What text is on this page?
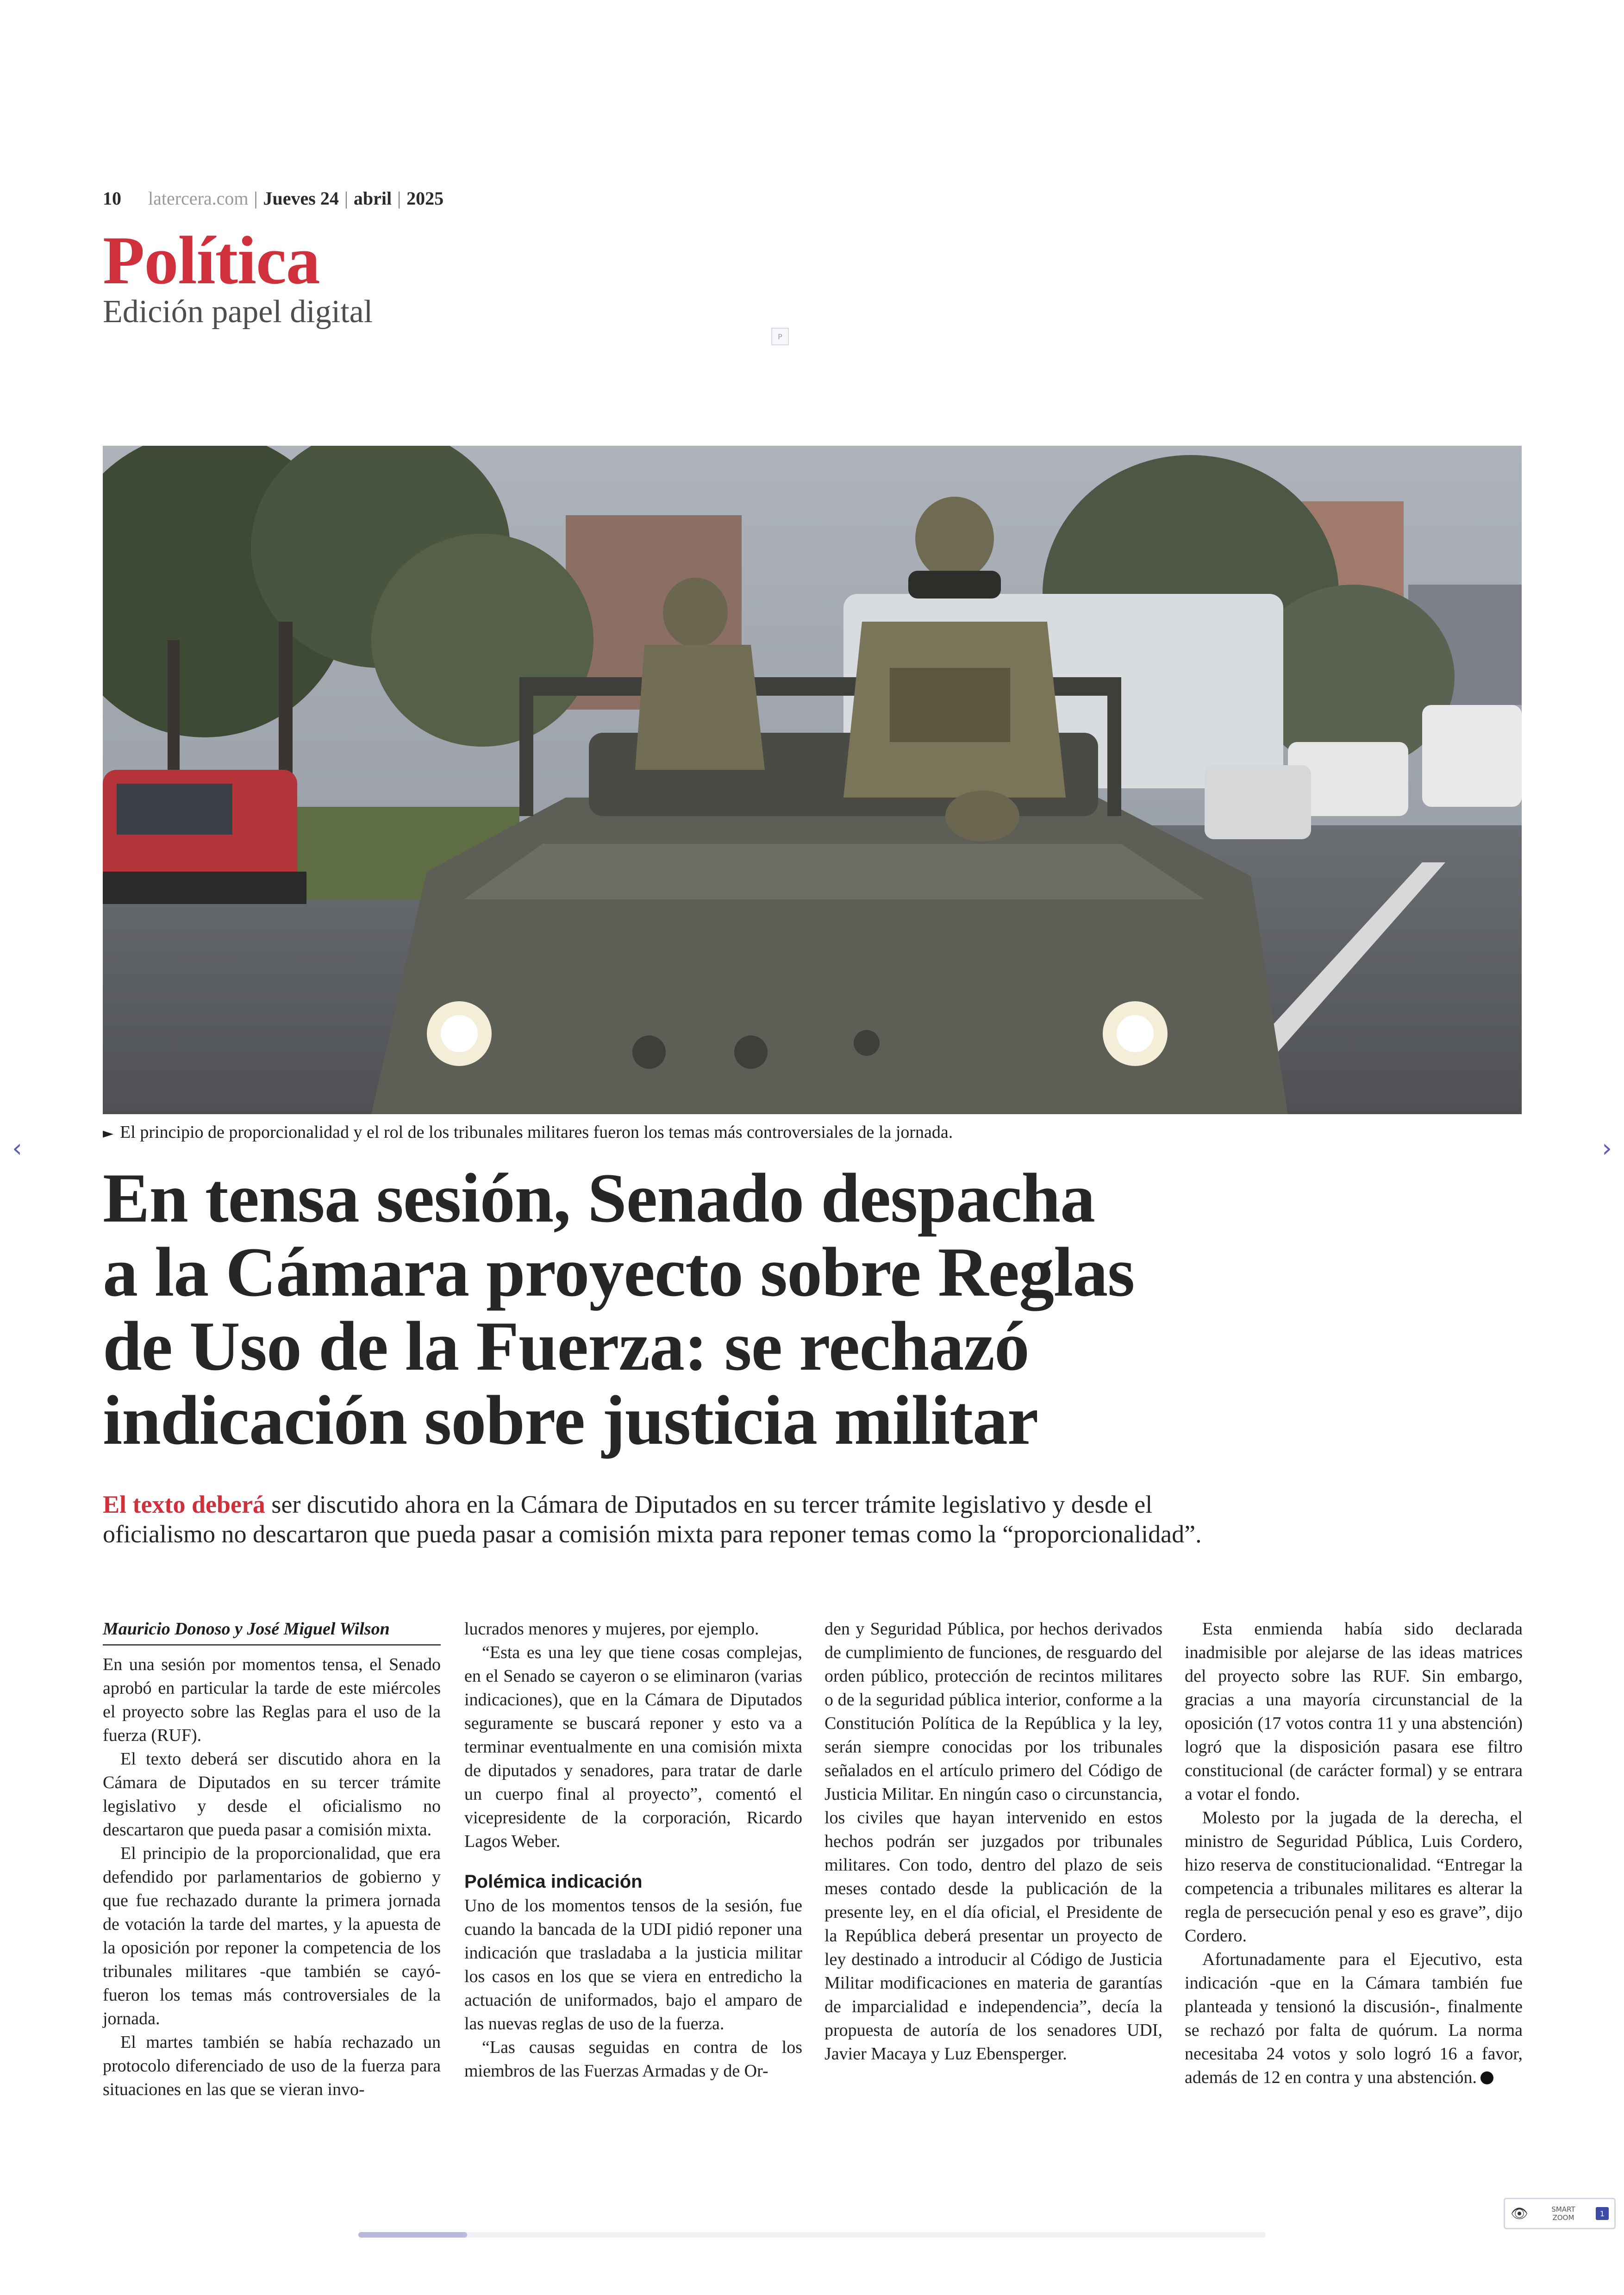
10 latercera.com | Jueves 24 | abril | 2025
Política
Edición papel digital
P
► El principio de proporcionalidad y el rol de los tribunales militares fueron los temas más controversiales de la jornada.
‹	›
En tensa sesión, Senado despacha
a la Cámara proyecto sobre Reglas
de Uso de la Fuerza: se rechazó
indicación sobre justicia militar
El texto deberá ser discutido ahora en la Cámara de Diputados en su tercer trámite legislativo y desde el
oficialismo no descartaron que pueda pasar a comisión mixta para reponer temas como la “proporcionalidad”.
Mauricio Donoso y José Miguel Wilson

En una sesión por momentos tensa, el Senado aprobó en particular la tarde de este miércoles el proyecto sobre las Reglas para el uso de la fuerza (RUF).

El texto deberá ser discutido ahora en la Cámara de Diputados en su tercer trámite legislativo y desde el oficialismo no descartaron que pueda pasar a comisión mixta.

El principio de la proporcionalidad, que era defendido por parlamentarios de gobierno y que fue rechazado durante la primera jornada de votación la tarde del martes, y la apuesta de la oposición por reponer la competencia de los tribunales militares -que también se cayó- fueron los temas más controversiales de la jornada.

El martes también se había rechazado un protocolo diferenciado de uso de la fuerza para situaciones en las que se vieran invo-

lucrados menores y mujeres, por ejemplo.

“Esta es una ley que tiene cosas complejas, en el Senado se cayeron o se eliminaron (varias indicaciones), que en la Cámara de Diputados seguramente se buscará reponer y esto va a terminar eventualmente en una comisión mixta de diputados y senadores, para tratar de darle un cuerpo final al proyecto”, comentó el vicepresidente de la corporación, Ricardo Lagos Weber.

Polémica indicación

Uno de los momentos tensos de la sesión, fue cuando la bancada de la UDI pidió reponer una indicación que trasladaba a la justicia militar los casos en los que se viera en entredicho la actuación de uniformados, bajo el amparo de las nuevas reglas de uso de la fuerza.

“Las causas seguidas en contra de los miembros de las Fuerzas Armadas y de Or-

den y Seguridad Pública, por hechos derivados de cumplimiento de funciones, de resguardo del orden público, protección de recintos militares o de la seguridad pública interior, conforme a la Constitución Política de la República y la ley, serán siempre conocidas por los tribunales señalados en el artículo primero del Código de Justicia Militar. En ningún caso o circunstancia, los civiles que hayan intervenido en estos hechos podrán ser juzgados por tribunales militares. Con todo, dentro del plazo de seis meses contado desde la publicación de la presente ley, en el día oficial, el Presidente de la República deberá presentar un proyecto de ley destinado a introducir al Código de Justicia Militar modificaciones en materia de garantías de imparcialidad e independencia”, decía la propuesta de autoría de los senadores UDI, Javier Macaya y Luz Ebensperger.

Esta enmienda había sido declarada inadmisible por alejarse de las ideas matrices del proyecto sobre las RUF. Sin embargo, gracias a una mayoría circunstancial de la oposición (17 votos contra 11 y una abstención) logró que la disposición pasara ese filtro constitucional (de carácter formal) y se entrara a votar el fondo.

Molesto por la jugada de la derecha, el ministro de Seguridad Pública, Luis Cordero, hizo reserva de constitucionalidad. “Entregar la competencia a tribunales militares es alterar la regla de persecución penal y eso es grave”, dijo Cordero.

Afortunadamente para el Ejecutivo, esta indicación -que en la Cámara también fue planteada y tensionó la discusión-, finalmente se rechazó por falta de quórum. La norma necesitaba 24 votos y solo logró 16 a favor, además de 12 en contra y una abstención.

👁	SMART
ZOOM	1
